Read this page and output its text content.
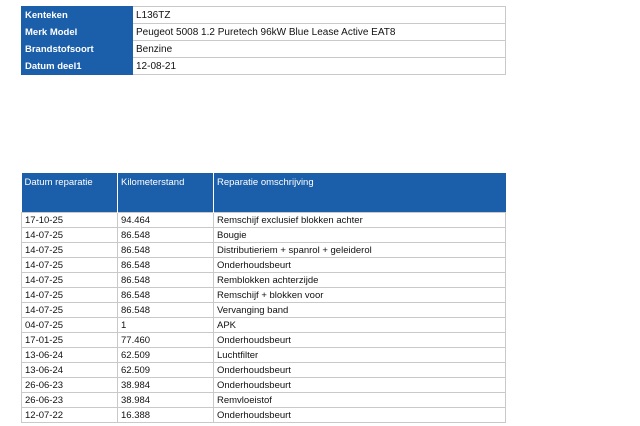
Kenteken	L136TZ
Merk Model	Peugeot 5008 1.2 Puretech 96kW Blue Lease Active EAT8
Brandstofsoort	Benzine
Datum deel1	12-08-21
Datum reparatie	Kilometerstand	Reparatie omschrijving
17-10-25	94.464	Remschijf exclusief blokken achter
14-07-25	86.548	Bougie
14-07-25	86.548	Distributieriem + spanrol + geleiderol
14-07-25	86.548	Onderhoudsbeurt
14-07-25	86.548	Remblokken achterzijde
14-07-25	86.548	Remschijf + blokken voor
14-07-25	86.548	Vervanging band
04-07-25	1	APK
17-01-25	77.460	Onderhoudsbeurt
13-06-24	62.509	Luchtfilter
13-06-24	62.509	Onderhoudsbeurt
26-06-23	38.984	Onderhoudsbeurt
26-06-23	38.984	Remvloeistof
12-07-22	16.388	Onderhoudsbeurt
